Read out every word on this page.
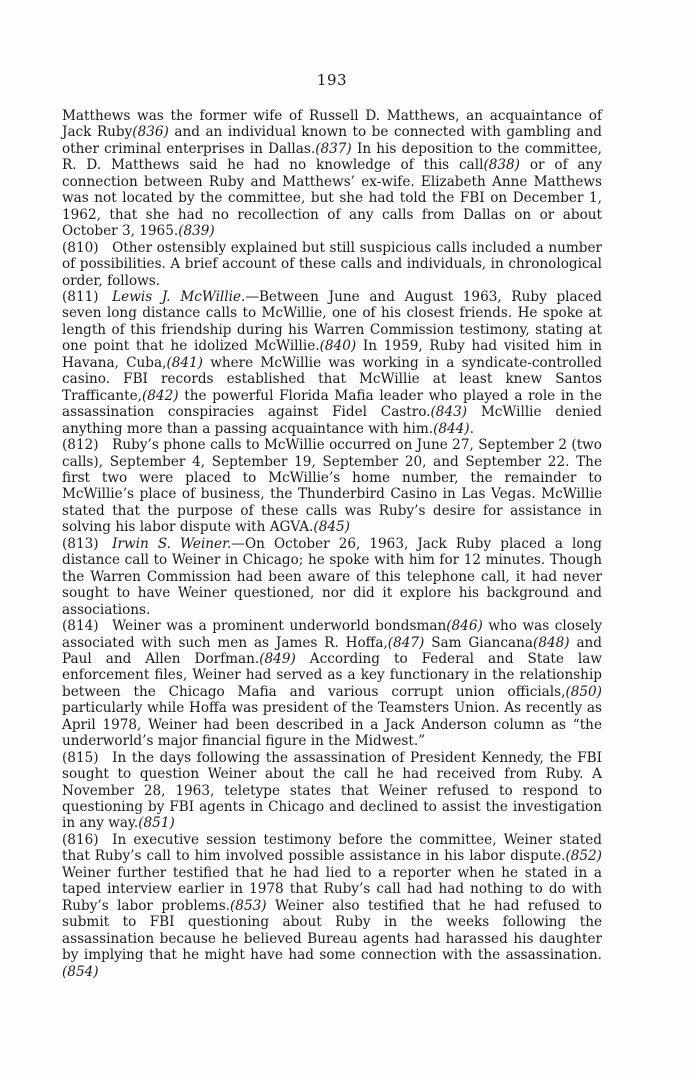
193

Matthews was the former wife of Russell D. Matthews, an acquaintance of Jack Ruby(836) and an individual known to be connected with gambling and other criminal enterprises in Dallas.(837) In his deposition to the committee, R. D. Matthews said he had no knowledge of this call(838) or of any connection between Ruby and Matthews’ ex-wife. Elizabeth Anne Matthews was not located by the committee, but she had told the FBI on December 1, 1962, that she had no recollection of any calls from Dallas on or about October 3, 1965.(839)

(810) Other ostensibly explained but still suspicious calls included a number of possibilities. A brief account of these calls and individuals, in chronological order, follows.

(811) Lewis J. McWillie.—Between June and August 1963, Ruby placed seven long distance calls to McWillie, one of his closest friends. He spoke at length of this friendship during his Warren Commission testimony, stating at one point that he idolized McWillie.(840) In 1959, Ruby had visited him in Havana, Cuba,(841) where McWillie was working in a syndicate-controlled casino. FBI records established that McWillie at least knew Santos Trafficante,(842) the powerful Florida Mafia leader who played a role in the assassination conspiracies against Fidel Castro.(843) McWillie denied anything more than a passing acquaintance with him.(844).

(812) Ruby’s phone calls to McWillie occurred on June 27, September 2 (two calls), September 4, September 19, September 20, and September 22. The first two were placed to McWillie’s home number, the remainder to McWillie’s place of business, the Thunderbird Casino in Las Vegas. McWillie stated that the purpose of these calls was Ruby’s desire for assistance in solving his labor dispute with AGVA.(845)

(813) Irwin S. Weiner.—On October 26, 1963, Jack Ruby placed a long distance call to Weiner in Chicago; he spoke with him for 12 minutes. Though the Warren Commission had been aware of this telephone call, it had never sought to have Weiner questioned, nor did it explore his background and associations.

(814) Weiner was a prominent underworld bondsman(846) who was closely associated with such men as James R. Hoffa,(847) Sam Giancana(848) and Paul and Allen Dorfman.(849) According to Federal and State law enforcement files, Weiner had served as a key functionary in the relationship between the Chicago Mafia and various corrupt union officials,(850) particularly while Hoffa was president of the Teamsters Union. As recently as April 1978, Weiner had been described in a Jack Anderson column as “the underworld’s major financial figure in the Midwest.”

(815) In the days following the assassination of President Kennedy, the FBI sought to question Weiner about the call he had received from Ruby. A November 28, 1963, teletype states that Weiner refused to respond to questioning by FBI agents in Chicago and declined to assist the investigation in any way.(851)

(816) In executive session testimony before the committee, Weiner stated that Ruby’s call to him involved possible assistance in his labor dispute.(852) Weiner further testified that he had lied to a reporter when he stated in a taped interview earlier in 1978 that Ruby’s call had had nothing to do with Ruby’s labor problems.(853) Weiner also testified that he had refused to submit to FBI questioning about Ruby in the weeks following the assassination because he believed Bureau agents had harassed his daughter by implying that he might have had some connection with the assassination.(854)
